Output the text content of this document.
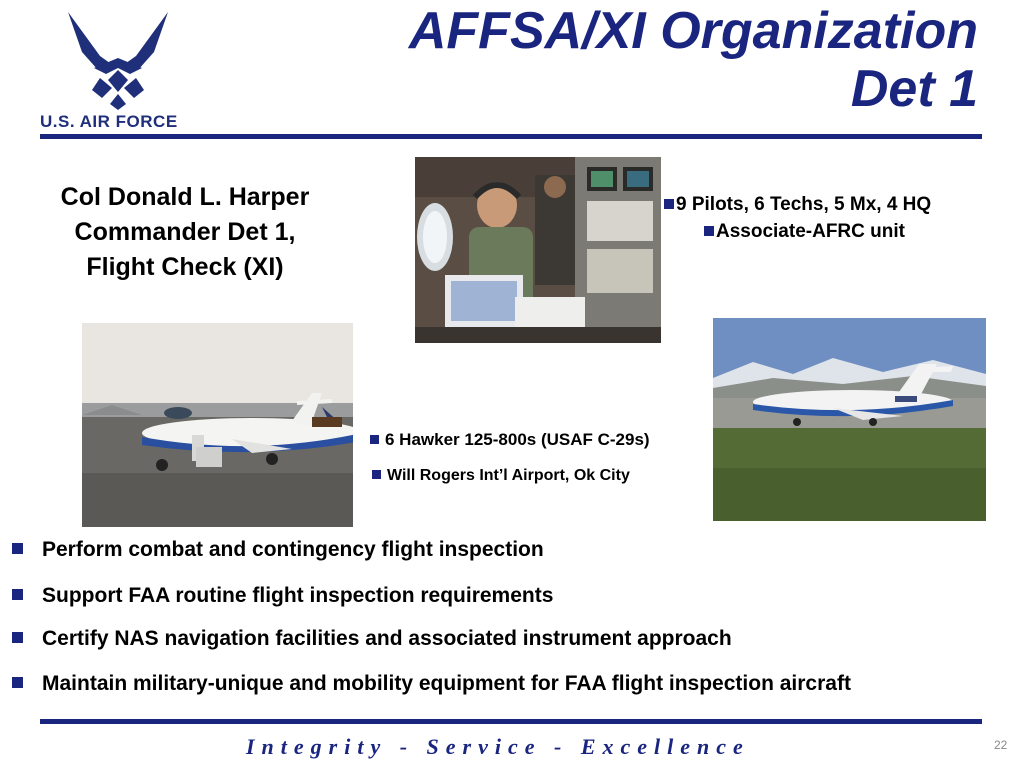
U.S. AIR FORCE
AFFSA/XI Organization
Det 1
Col Donald L. Harper
Commander Det 1,
Flight Check (XI)
9 Pilots, 6 Techs, 5 Mx, 4 HQ
Associate-AFRC unit
6 Hawker 125-800s (USAF C-29s)
Will Rogers Int’l Airport, Ok City
Perform combat and contingency flight inspection
Support FAA routine flight inspection requirements
Certify NAS navigation facilities and associated instrument approach
Maintain military-unique and mobility equipment for FAA flight inspection aircraft
Integrity - Service - Excellence	22
